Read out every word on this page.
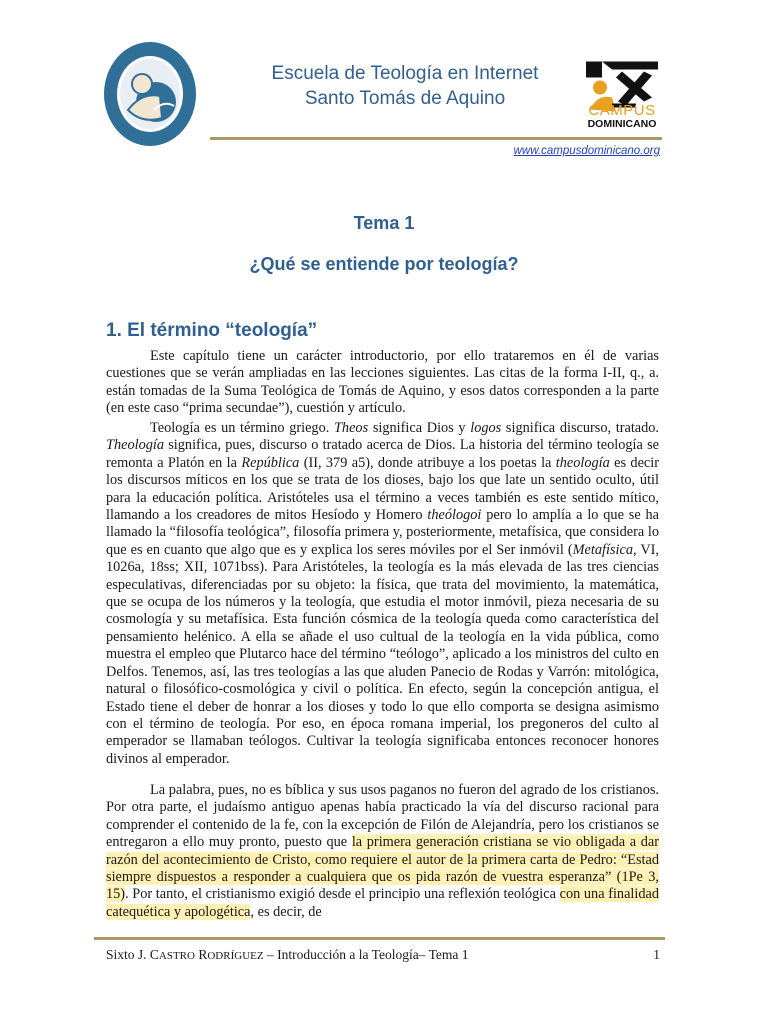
Escuela de Teología en Internet
Santo Tomás de Aquino
CAMPUS
DOMINICANO
www.campusdominicano.org
Tema 1
¿Qué se entiende por teología?
1. El término “teología”
Este capítulo tiene un carácter introductorio, por ello trataremos en él de varias cuestiones que se verán ampliadas en las lecciones siguientes. Las citas de la forma I-II, q., a. están tomadas de la Suma Teológica de Tomás de Aquino, y esos datos corresponden a la parte (en este caso “prima secundae”), cuestión y artículo.
Teología es un término griego. Theos significa Dios y logos significa discurso, tratado. Theología significa, pues, discurso o tratado acerca de Dios. La historia del término teología se remonta a Platón en la República (II, 379 a5), donde atribuye a los poetas la theología es decir los discursos míticos en los que se trata de los dioses, bajo los que late un sentido oculto, útil para la educación política. Aristóteles usa el término a veces también es este sentido mítico, llamando a los creadores de mitos Hesíodo y Homero theólogoi pero lo amplía a lo que se ha llamado la “filosofía teológica”, filosofía primera y, posteriormente, metafísica, que considera lo que es en cuanto que algo que es y explica los seres móviles por el Ser inmóvil (Metafísica, VI, 1026a, 18ss; XII, 1071bss). Para Aristóteles, la teología es la más elevada de las tres ciencias especulativas, diferenciadas por su objeto: la física, que trata del movimiento, la matemática, que se ocupa de los números y la teología, que estudia el motor inmóvil, pieza necesaria de su cosmología y su metafísica. Esta función cósmica de la teología queda como característica del pensamiento helénico. A ella se añade el uso cultual de la teología en la vida pública, como muestra el empleo que Plutarco hace del término “teólogo”, aplicado a los ministros del culto en Delfos. Tenemos, así, las tres teologías a las que aluden Panecio de Rodas y Varrón: mitológica, natural o filosófico-cosmológica y civil o política. En efecto, según la concepción antigua, el Estado tiene el deber de honrar a los dioses y todo lo que ello comporta se designa asimismo con el término de teología. Por eso, en época romana imperial, los pregoneros del culto al emperador se llamaban teólogos. Cultivar la teología significaba entonces reconocer honores divinos al emperador.
La palabra, pues, no es bíblica y sus usos paganos no fueron del agrado de los cristianos. Por otra parte, el judaísmo antiguo apenas había practicado la vía del discurso racional para comprender el contenido de la fe, con la excepción de Filón de Alejandría, pero los cristianos se entregaron a ello muy pronto, puesto que la primera generación cristiana se vio obligada a dar razón del acontecimiento de Cristo, como requiere el autor de la primera carta de Pedro: “Estad siempre dispuestos a responder a cualquiera que os pida razón de vuestra esperanza” (1Pe 3, 15). Por tanto, el cristianismo exigió desde el principio una reflexión teológica con una finalidad catequética y apologética, es decir, de
Sixto J. CASTRO RODRÍGUEZ – Introducción a la Teología– Tema 1	1
